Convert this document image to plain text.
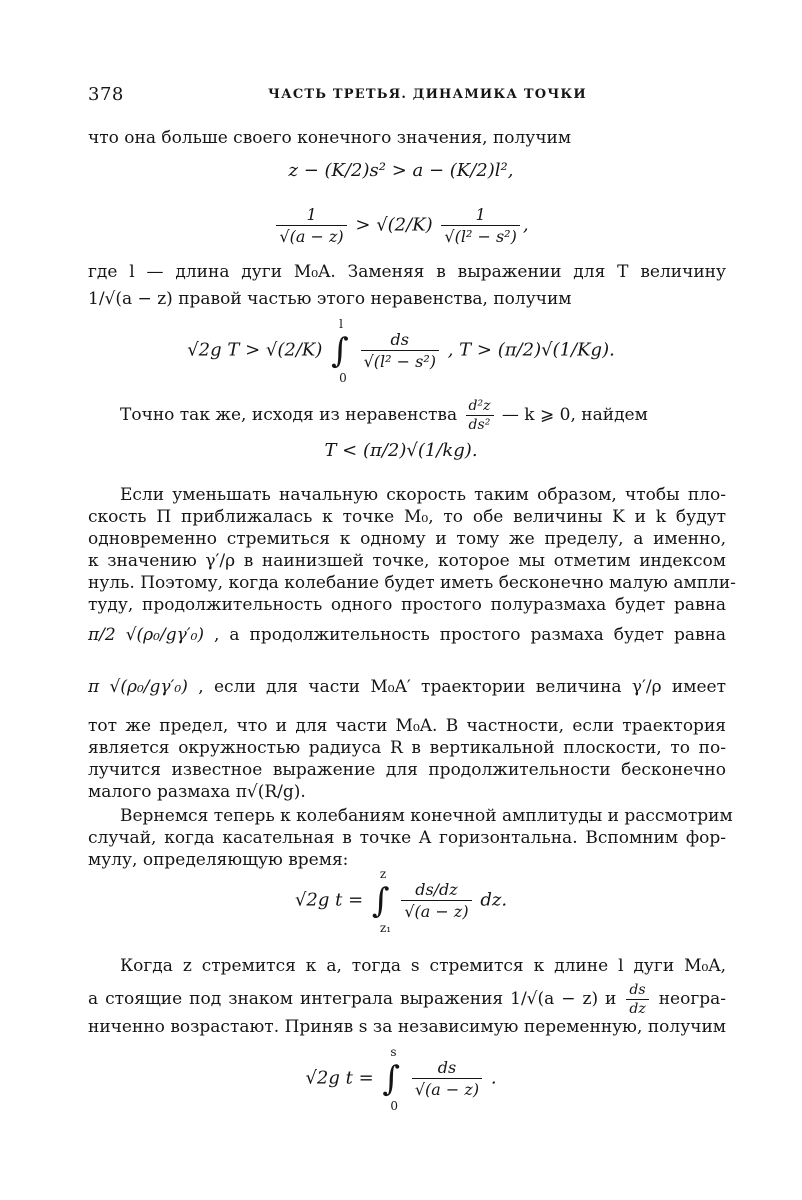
378	ЧАСТЬ ТРЕТЬЯ. ДИНАМИКА ТОЧКИ
что она больше своего конечного значения, получим
z − (K/2)s² > a − (K/2)l²,
$\frac{1}{√(a - z)} > √(2/K) \frac{1}{\text{√(l² − s²)}}$ ,
где l — длина дуги M₀A. Заменяя в выражении для T величину
1/√(a − z) правой частью этого неравенства, получим
√2g T > √(2/K) ∫
l
0

$\frac{ds}{\text{√(l² − s²)}}$ , T > (π/2)√(1/Kg).
Точно так же, исходя из неравенства $\frac{\text{d²z}}{\text{ds²}}$ — k ⩾ 0, найдем
T < (π/2)√(1/kg).
Если уменьшать начальную скорость таким образом, чтобы пло-
скость П приближалась к точке M₀, то обе величины K и k будут
одновременно стремиться к одному и тому же пределу, а именно,
к значению γ′/ρ в наинизшей точке, которое мы отметим индексом
нуль. Поэтому, когда колебание будет иметь бесконечно малую ампли-
туду, продолжительность одного простого полуразмаха будет равна
π/2 √(ρ₀/gγ′₀) , а продолжительность простого размаха будет равна
π √(ρ₀/gγ′₀) , если для части M₀A′ траектории величина γ′/ρ имеет
тот же предел, что и для части M₀A. В частности, если траектория
является окружностью радиуса R в вертикальной плоскости, то по-
лучится известное выражение для продолжительности бесконечно
малого размаха π√(R/g).
Вернемся теперь к колебаниям конечной амплитуды и рассмотрим
случай, когда касательная в точке A горизонтальна. Вспомним фор-
мулу, определяющую время:
√2g t = ∫
z
z₁

$\frac{ds/dz}{√(a - z)}$ dz.
Когда z стремится к a, тогда s стремится к длине l дуги M₀A,
а стоящие под знаком интеграла выражения 1/√(a − z) и $\frac{ds}{dz}$ неогра-
ниченно возрастают. Приняв s за независимую переменную, получим
√2g t = ∫
s
0

$\frac{ds}{√(a - z)}$ .
